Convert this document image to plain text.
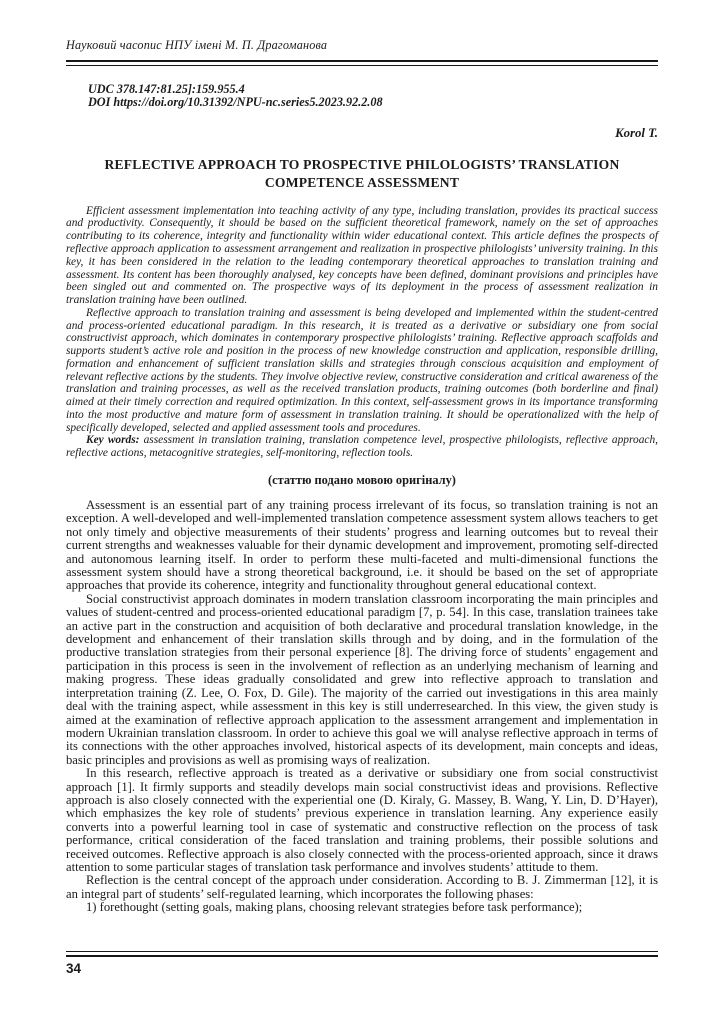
Науковий часопис НПУ імені М. П. Драгоманова
UDC 378.147:81.25]:159.955.4
DOI https://doi.org/10.31392/NPU-nc.series5.2023.92.2.08
Korol T.
REFLECTIVE APPROACH TO PROSPECTIVE PHILOLOGISTS’ TRANSLATION
COMPETENCE ASSESSMENT

Efficient assessment implementation into teaching activity of any type, including translation, provides its practical success and productivity. Consequently, it should be based on the sufficient theoretical framework, namely on the set of approaches contributing to its coherence, integrity and functionality within wider educational context. This article defines the prospects of reflective approach application to assessment arrangement and realization in prospective philologists’ university training. In this key, it has been considered in the relation to the leading contemporary theoretical approaches to translation training and assessment. Its content has been thoroughly analysed, key concepts have been defined, dominant provisions and principles have been singled out and commented on. The prospective ways of its deployment in the process of assessment realization in translation training have been outlined.

Reflective approach to translation training and assessment is being developed and implemented within the student-centred and process-oriented educational paradigm. In this research, it is treated as a derivative or subsidiary one from social constructivist approach, which dominates in contemporary prospective philologists’ training. Reflective approach scaffolds and supports student’s active role and position in the process of new knowledge construction and application, responsible drilling, formation and enhancement of sufficient translation skills and strategies through conscious acquisition and employment of relevant reflective actions by the students. They involve objective review, constructive consideration and critical awareness of the translation and training processes, as well as the received translation products, training outcomes (both borderline and final) aimed at their timely correction and required optimization. In this context, self-assessment grows in its importance transforming into the most productive and mature form of assessment in translation training. It should be operationalized with the help of specifically developed, selected and applied assessment tools and procedures.

Key words: assessment in translation training, translation competence level, prospective philologists, reflective approach, reflective actions, metacognitive strategies, self-monitoring, reflection tools.

(статтю подано мовою оригіналу)

Assessment is an essential part of any training process irrelevant of its focus, so translation training is not an exception. A well-developed and well-implemented translation competence assessment system allows teachers to get not only timely and objective measurements of their students’ progress and learning outcomes but to reveal their current strengths and weaknesses valuable for their dynamic development and improvement, promoting self-directed and autonomous learning itself. In order to perform these multi-faceted and multi-dimensional functions the assessment system should have a strong theoretical background, i.e. it should be based on the set of appropriate approaches that provide its coherence, integrity and functionality throughout general educational context.

Social constructivist approach dominates in modern translation classroom incorporating the main principles and values of student-centred and process-oriented educational paradigm [7, p. 54]. In this case, translation trainees take an active part in the construction and acquisition of both declarative and procedural translation knowledge, in the development and enhancement of their translation skills through and by doing, and in the formulation of the productive translation strategies from their personal experience [8]. The driving force of students’ engagement and participation in this process is seen in the involvement of reflection as an underlying mechanism of learning and making progress. These ideas gradually consolidated and grew into reflective approach to translation and interpretation training (Z. Lee, O. Fox, D. Gile). The majority of the carried out investigations in this area mainly deal with the training aspect, while assessment in this key is still underresearched. In this view, the given study is aimed at the examination of reflective approach application to the assessment arrangement and implementation in modern Ukrainian translation classroom. In order to achieve this goal we will analyse reflective approach in terms of its connections with the other approaches involved, historical aspects of its development, main concepts and ideas, basic principles and provisions as well as promising ways of realization.

In this research, reflective approach is treated as a derivative or subsidiary one from social constructivist approach [1]. It firmly supports and steadily develops main social constructivist ideas and provisions. Reflective approach is also closely connected with the experiential one (D. Kiraly, G. Massey, B. Wang, Y. Lin, D. D’Hayer), which emphasizes the key role of students’ previous experience in translation learning. Any experience easily converts into a powerful learning tool in case of systematic and constructive reflection on the process of task performance, critical consideration of the faced translation and training problems, their possible solutions and received outcomes. Reflective approach is also closely connected with the process-oriented approach, since it draws attention to some particular stages of translation task performance and involves students’ attitude to them.

Reflection is the central concept of the approach under consideration. According to B. J. Zimmerman [12], it is an integral part of students’ self-regulated learning, which incorporates the following phases:

1) forethought (setting goals, making plans, choosing relevant strategies before task performance);

34
